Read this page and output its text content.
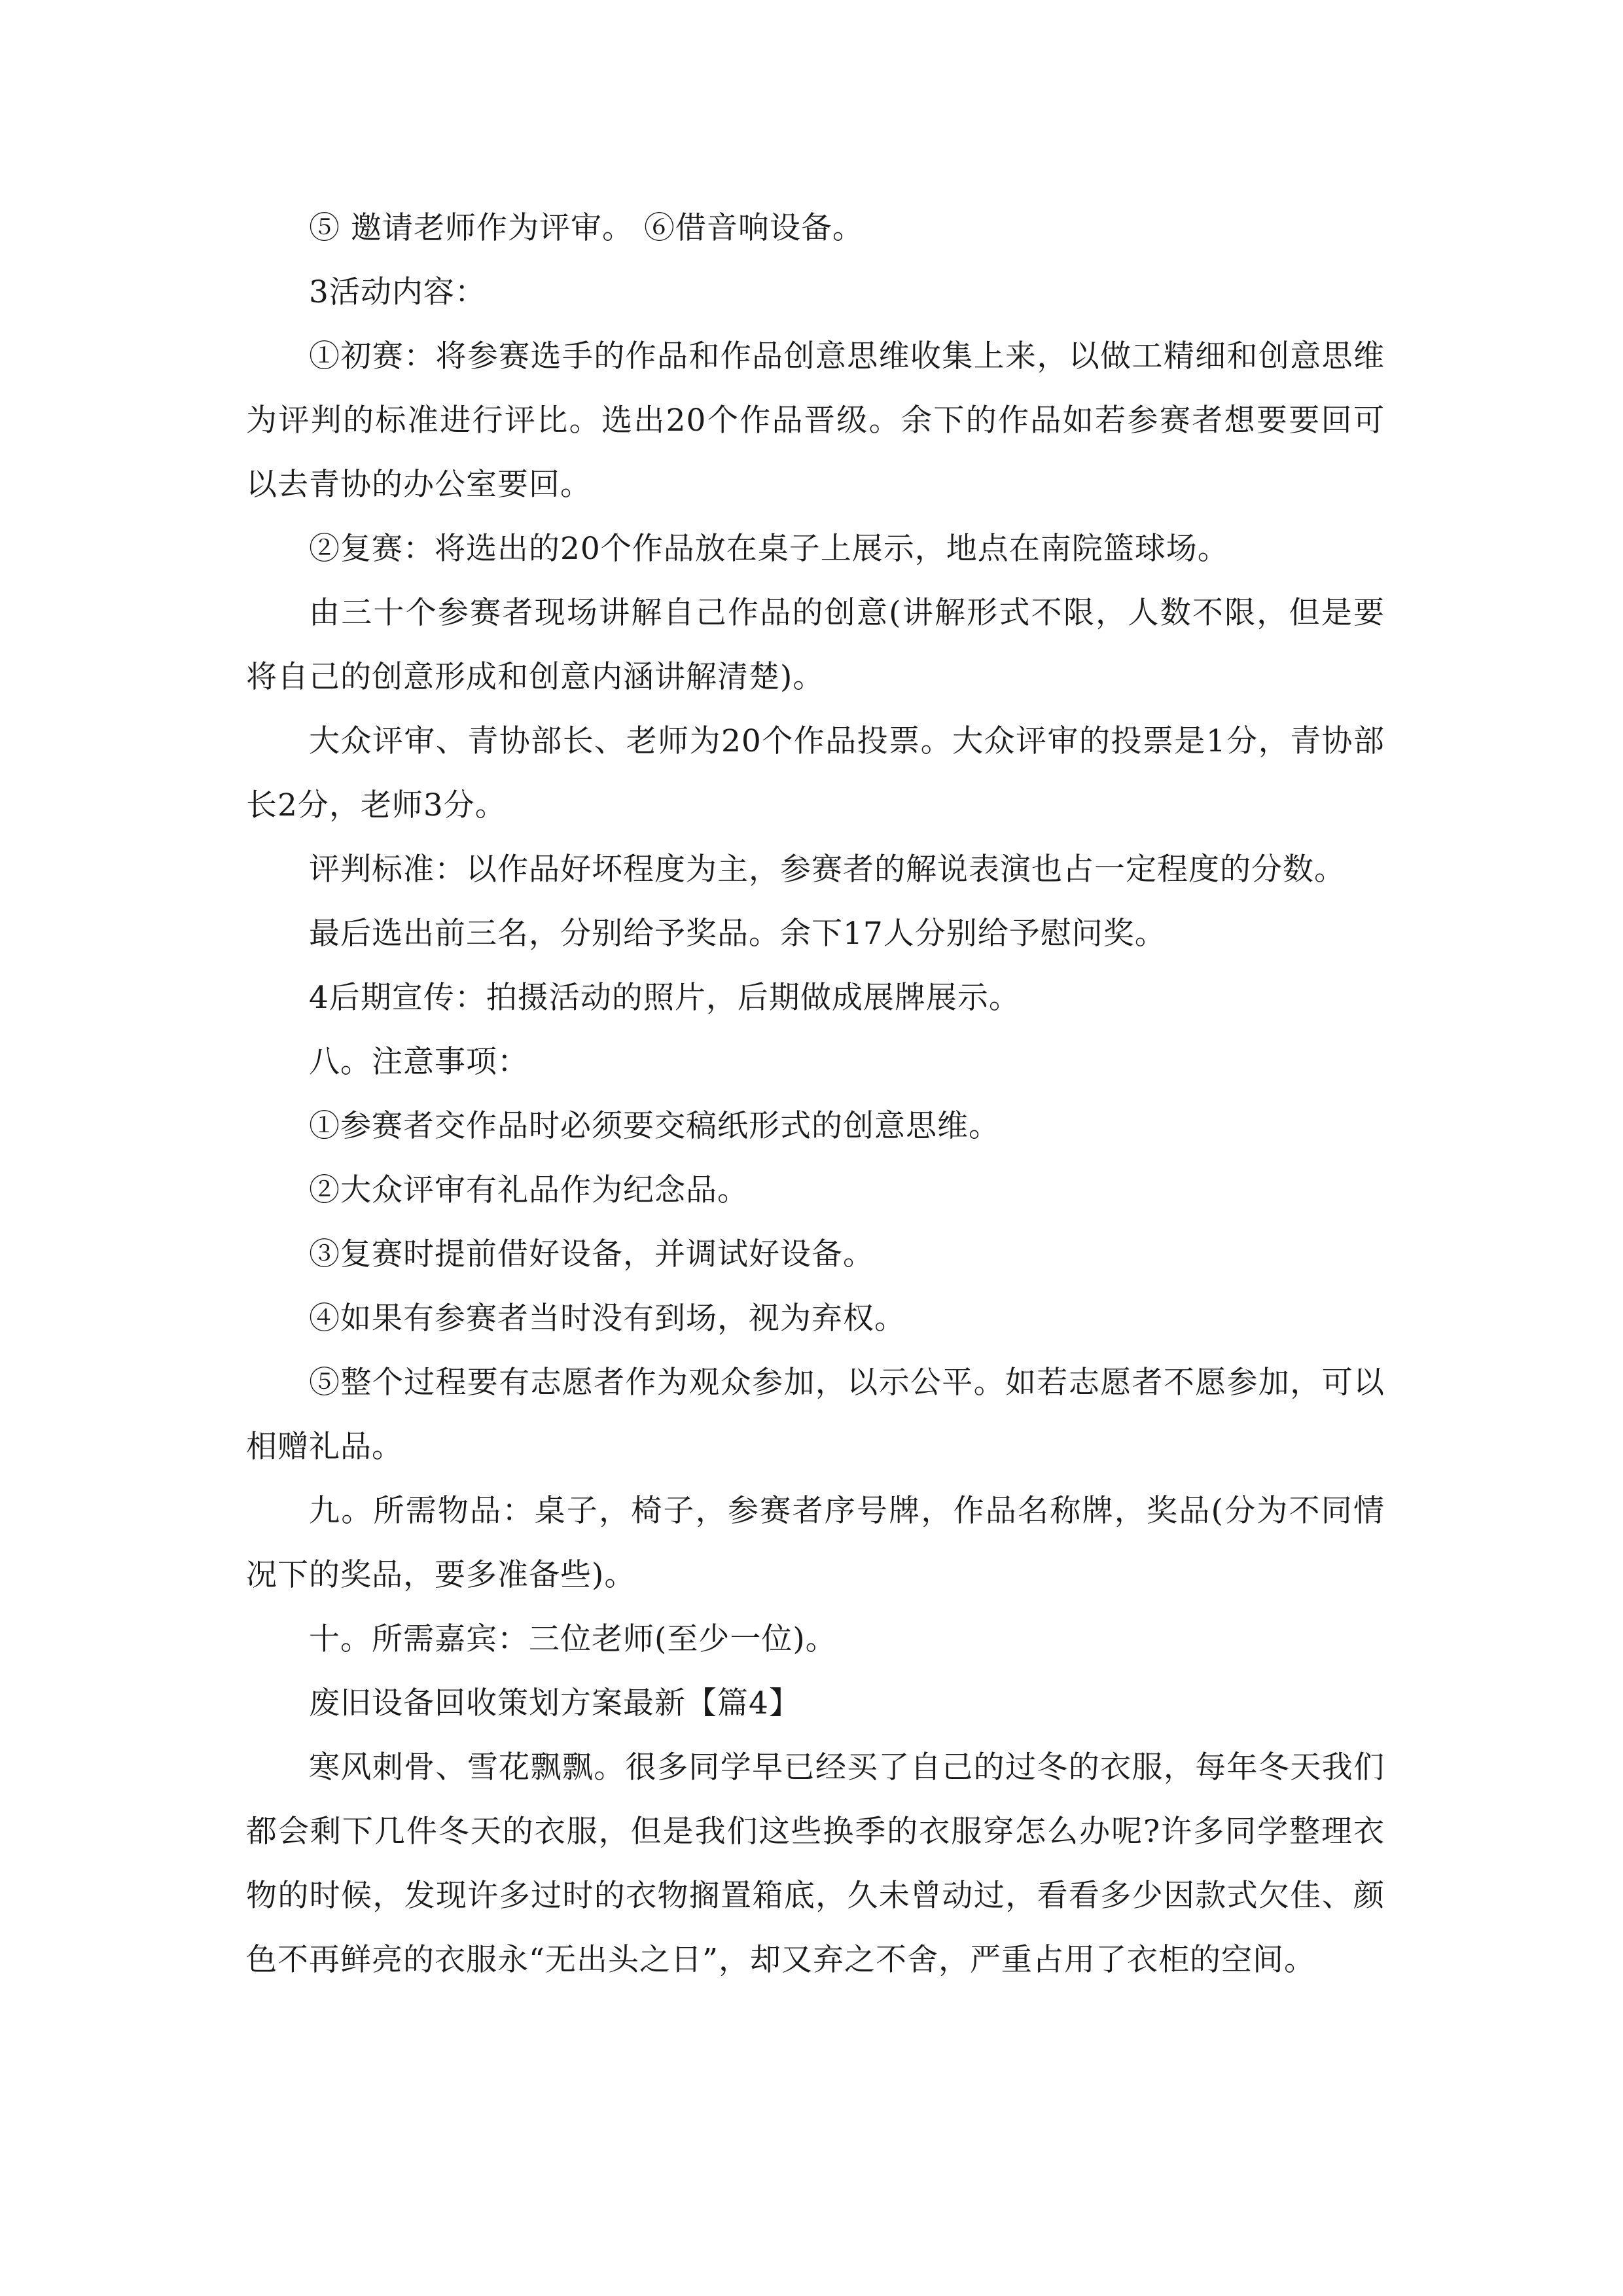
⑤ 邀请老师作为评审。 ⑥借音响设备。

3活动内容：

①初赛：将参赛选手的作品和作品创意思维收集上来，以做工精细和创意思维为评判的标准进行评比。选出20个作品晋级。余下的作品如若参赛者想要要回可以去青协的办公室要回。

②复赛：将选出的20个作品放在桌子上展示，地点在南院篮球场。

由三十个参赛者现场讲解自己作品的创意(讲解形式不限，人数不限，但是要将自己的创意形成和创意内涵讲解清楚)。

大众评审、青协部长、老师为20个作品投票。大众评审的投票是1分，青协部长2分，老师3分。

评判标准：以作品好坏程度为主，参赛者的解说表演也占一定程度的分数。

最后选出前三名，分别给予奖品。余下17人分别给予慰问奖。

4后期宣传：拍摄活动的照片，后期做成展牌展示。

八。注意事项：

①参赛者交作品时必须要交稿纸形式的创意思维。

②大众评审有礼品作为纪念品。

③复赛时提前借好设备，并调试好设备。

④如果有参赛者当时没有到场，视为弃权。

⑤整个过程要有志愿者作为观众参加，以示公平。如若志愿者不愿参加，可以相赠礼品。

九。所需物品：桌子，椅子，参赛者序号牌，作品名称牌，奖品(分为不同情况下的奖品，要多准备些)。

十。所需嘉宾：三位老师(至少一位)。

废旧设备回收策划方案最新【篇4】

寒风刺骨、雪花飘飘。很多同学早已经买了自己的过冬的衣服，每年冬天我们都会剩下几件冬天的衣服，但是我们这些换季的衣服穿怎么办呢?许多同学整理衣物的时候，发现许多过时的衣物搁置箱底，久未曾动过，看看多少因款式欠佳、颜色不再鲜亮的衣服永“无出头之日”，却又弃之不舍，严重占用了衣柜的空间。
